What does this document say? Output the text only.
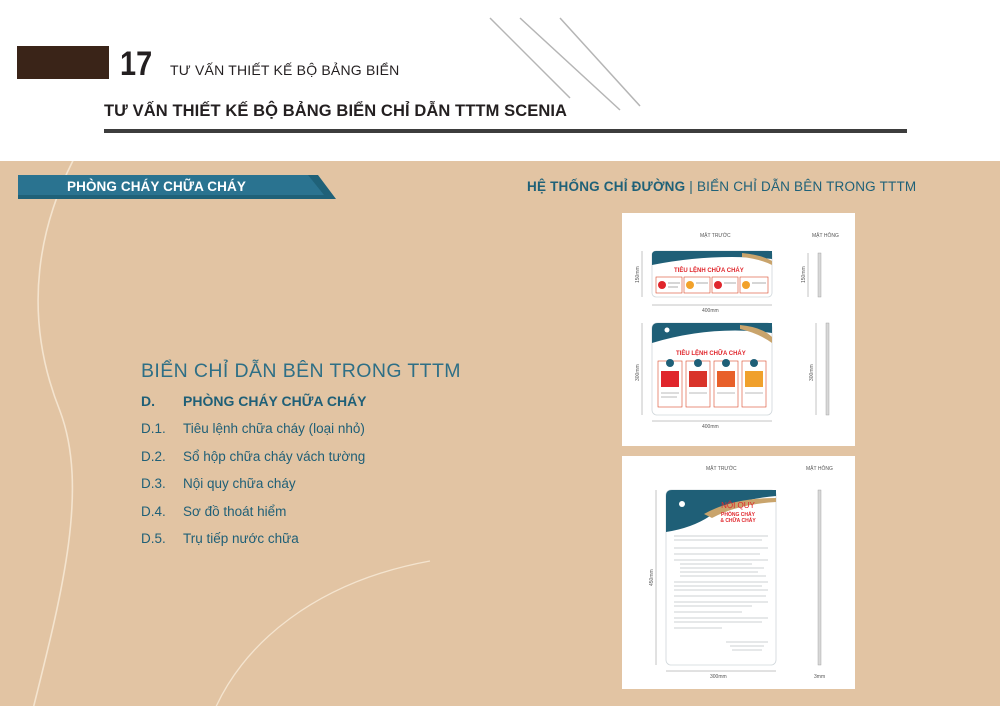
17 TƯ VẤN THIẾT KẾ BỘ BẢNG BIỂN
TƯ VẤN THIẾT KẾ BỘ BẢNG BIỂN CHỈ DẪN TTTM SCENIA
PHÒNG CHÁY CHỮA CHÁY	HỆ THỐNG CHỈ ĐƯỜNG | BIỂN CHỈ DẪN BÊN TRONG TTTM
BIỂN CHỈ DẪN BÊN TRONG TTTM
D. PHÒNG CHÁY CHỮA CHÁY
D.1. Tiêu lệnh chữa cháy (loại nhỏ)
D.2. Sổ hộp chữa cháy vách tường
D.3. Nội quy chữa cháy
D.4. Sơ đồ thoát hiểm
D.5. Trụ tiếp nước chữa
MẶT TRƯỚC	MẶT HÔNG
TIÊU LỆNH CHỮA CHÁY
150mm
400mm
TIÊU LỆNH CHỮA CHÁY
300mm
400mm
150mm
300mm
MẶT TRƯỚC	MẶT HÔNG
NỘI QUY
PHÒNG CHÁY
& CHỮA CHÁY
450mm
300mm	3mm
